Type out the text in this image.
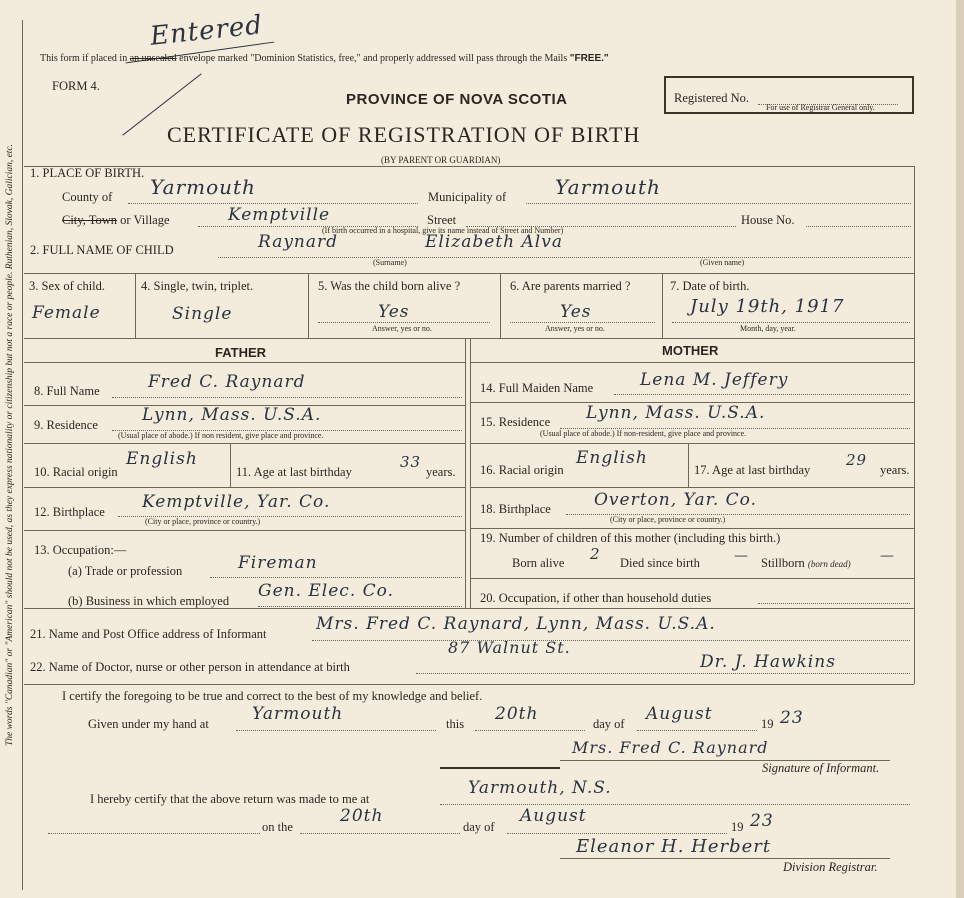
The words "Canadian" or "American" should not be used, as they express nationality or citizenship but not a race or people. Ruthenian, Slovak, Galician, etc.
Entered
This form if placed in an unsealed envelope marked "Dominion Statistics, free," and properly addressed will pass through the Mails "FREE."
FORM 4.
PROVINCE OF NOVA SCOTIA
CERTIFICATE OF REGISTRATION OF BIRTH
(BY PARENT OR GUARDIAN)
Registered No.
For use of Registrar General only.
1. PLACE OF BIRTH.
County of Yarmouth	Municipality of Yarmouth
City, Town or Village	Kemptville	Street	House No.
(If birth occurred in a hospital, give its name instead of Street and Number)
2. FULL NAME OF CHILD	Raynard	Elizabeth Alva
(Surname)	(Given name)
3. Sex of child.
Female
4. Single, twin, triplet.
Single
5. Was the child born alive ?
Yes
Answer, yes or no.
6. Are parents married ?
Yes
Answer, yes or no.
7. Date of birth.
July 19th, 1917
Month, day, year.
FATHER	MOTHER
8. Full Name	Fred C. Raynard
9. Residence	Lynn, Mass. U.S.A.
(Usual place of abode.) If non resident, give place and province.
10. Racial origin
English
11. Age at last birthday
33
years.
12. Birthplace Kemptville, Yar. Co.
(City or place, province or country.)
13. Occupation:—
(a) Trade or profession	Fireman
(b) Business in which employed Gen. Elec. Co.
14. Full Maiden Name	Lena M. Jeffery
15. Residence Lynn, Mass. U.S.A.
(Usual place of abode.) If non-resident, give place and province.
16. Racial origin
English
17. Age at last birthday
29
years.
18. Birthplace	Overton, Yar. Co.
(City or place, province or country.)
19. Number of children of this mother (including this birth.)
Born alive 2 Died since birth — Stillborn (born dead) —
20. Occupation, if other than household duties
21. Name and Post Office address of Informant	Mrs. Fred C. Raynard, Lynn, Mass. U.S.A.
87 Walnut St.
22. Name of Doctor, nurse or other person in attendance at birth	Dr. J. Hawkins
I certify the foregoing to be true and correct to the best of my knowledge and belief.
Given under my hand at	Yarmouth	this 20th	day of August	19 23
Mrs. Fred C. Raynard
Signature of Informant.
I hereby certify that the above return was made to me at
Yarmouth, N.S.
on the
20th
day of
August
19 23
Eleanor H. Herbert
Division Registrar.
